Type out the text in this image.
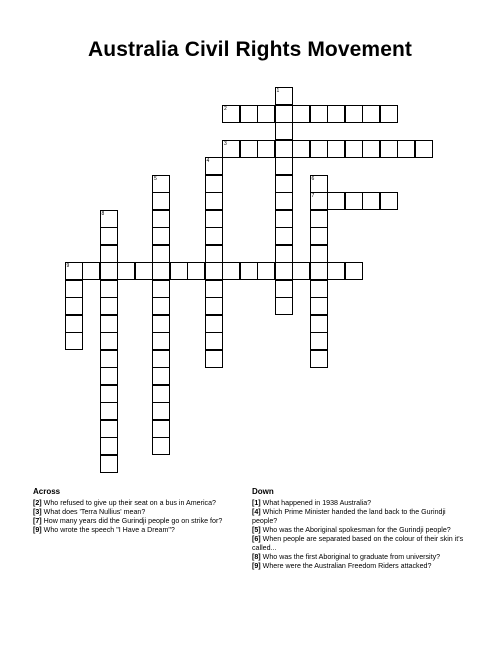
Australia Civil Rights Movement
1
2
3
4
5	6
7
8
9
Across
[2] Who refused to give up their seat on a bus in America?
[3] What does 'Terra Nullius' mean?
[7] How many years did the Gurindji people go on strike for?
[9] Who wrote the speech "I Have a Dream"?
Down
[1] What happened in 1938 Australia?
[4] Which Prime Minister handed the land back to the Gurindji people?
[5] Who was the Aboriginal spokesman for the Gurindji people?
[6] When people are separated based on the colour of their skin it's called...
[8] Who was the first Aboriginal to graduate from university?
[9] Where were the Australian Freedom Riders attacked?
